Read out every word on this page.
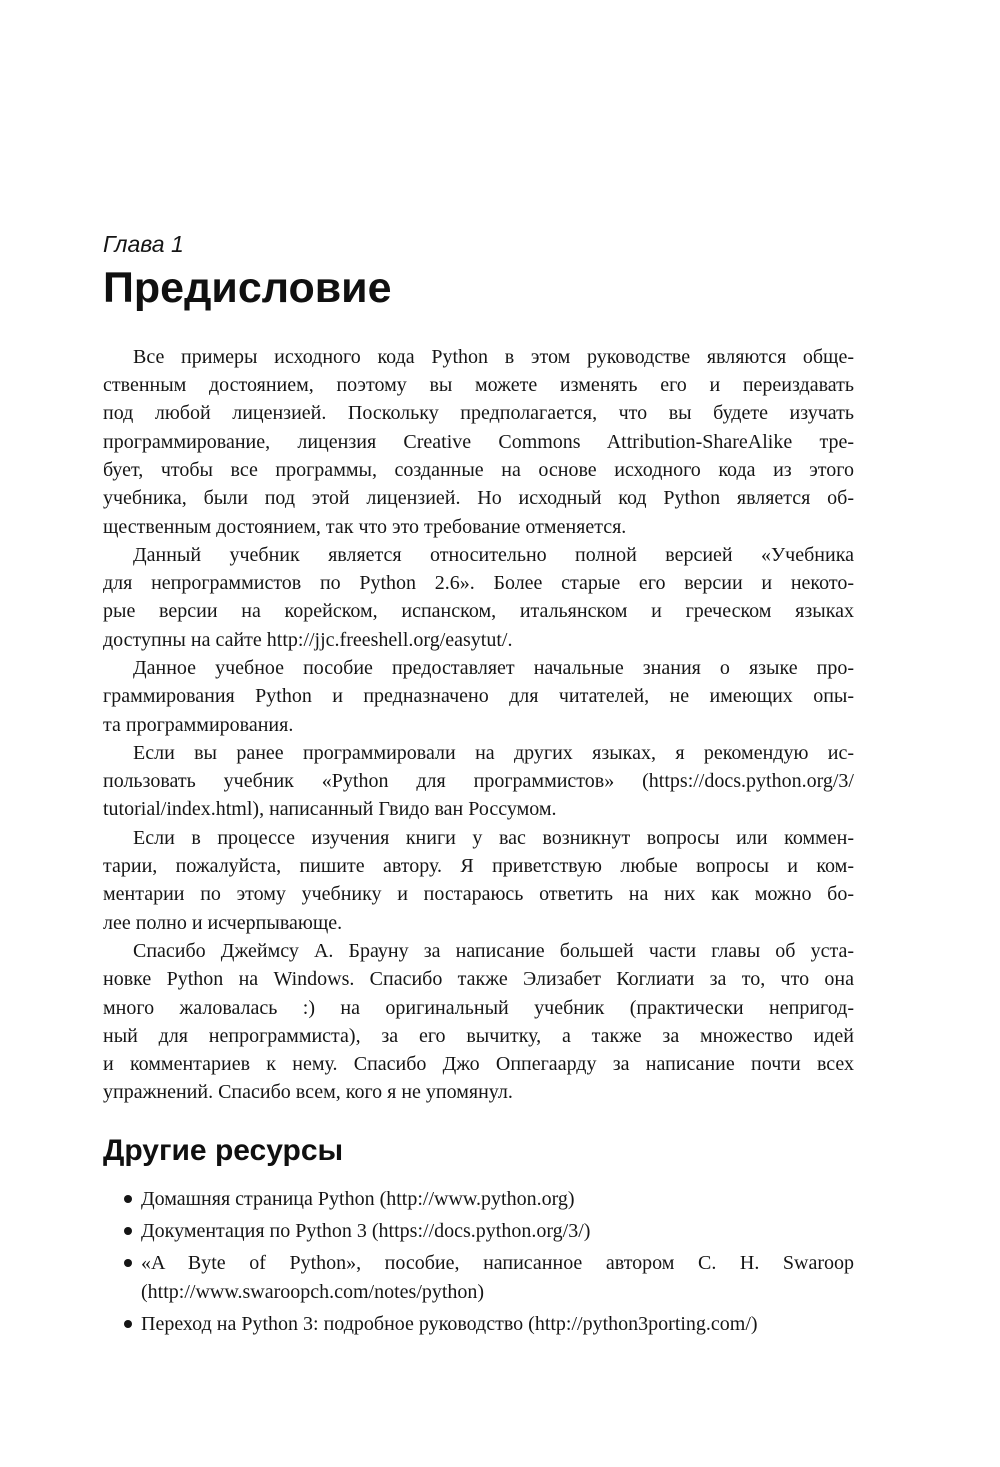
Глава 1
Предисловие
Все примеры исходного кода Python в этом руководстве являются обще-
ственным достоянием, поэтому вы можете изменять его и переиздавать
под любой лицензией. Поскольку предполагается, что вы будете изучать
программирование, лицензия Creative Commons Attribution-ShareAlike тре-
бует, чтобы все программы, созданные на основе исходного кода из этого
учебника, были под этой лицензией. Но исходный код Python является об-
щественным достоянием, так что это требование отменяется.
Данный учебник является относительно полной версией «Учебника
для непрограммистов по Python 2.6». Более старые его версии и некото-
рые версии на корейском, испанском, итальянском и греческом языках
доступны на сайте http://jjc.freeshell.org/easytut/.
Данное учебное пособие предоставляет начальные знания о языке про-
граммирования Python и предназначено для читателей, не имеющих опы-
та программирования.
Если вы ранее программировали на других языках, я рекомендую ис-
пользовать учебник «Python для программистов» (https://docs.python.org/3/
tutorial/index.html), написанный Гвидо ван Россумом.
Если в процессе изучения книги у вас возникнут вопросы или коммен-
тарии, пожалуйста, пишите автору. Я приветствую любые вопросы и ком-
ментарии по этому учебнику и постараюсь ответить на них как можно бо-
лее полно и исчерпывающе.
Спасибо Джеймсу А. Брауну за написание большей части главы об уста-
новке Python на Windows. Спасибо также Элизабет Коглиати за то, что она
много жаловалась :) на оригинальный учебник (практически непригод-
ный для непрограммиста), за его вычитку, а также за множество идей
и комментариев к нему. Спасибо Джо Оппегаарду за написание почти всех
упражнений. Спасибо всем, кого я не упомянул.
Другие ресурсы
Домашняя страница Python (http://www.python.org)
Документация по Python 3 (https://docs.python.org/3/)
«A Byte of Python», пособие, написанное автором C. H. Swaroop
(http://www.swaroopch.com/notes/python)
Переход на Python 3: подробное руководство (http://python3porting.com/)
